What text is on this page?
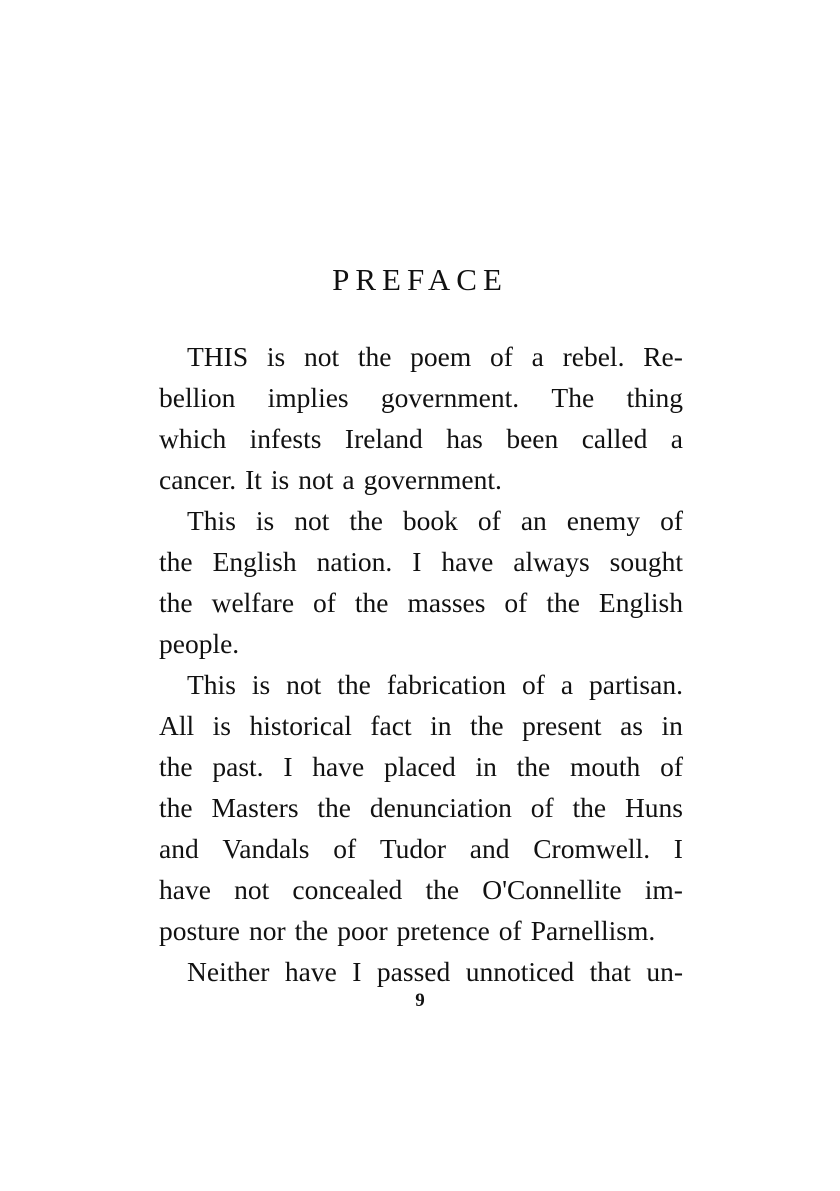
PREFACE
THIS is not the poem of a rebel. Re-
bellion implies government. The thing
which infests Ireland has been called a
cancer. It is not a government.
This is not the book of an enemy of
the English nation. I have always sought
the welfare of the masses of the English
people.
This is not the fabrication of a partisan.
All is historical fact in the present as in
the past. I have placed in the mouth of
the Masters the denunciation of the Huns
and Vandals of Tudor and Cromwell. I
have not concealed the O'Connellite im-
posture nor the poor pretence of Parnellism.
Neither have I passed unnoticed that un-
9
